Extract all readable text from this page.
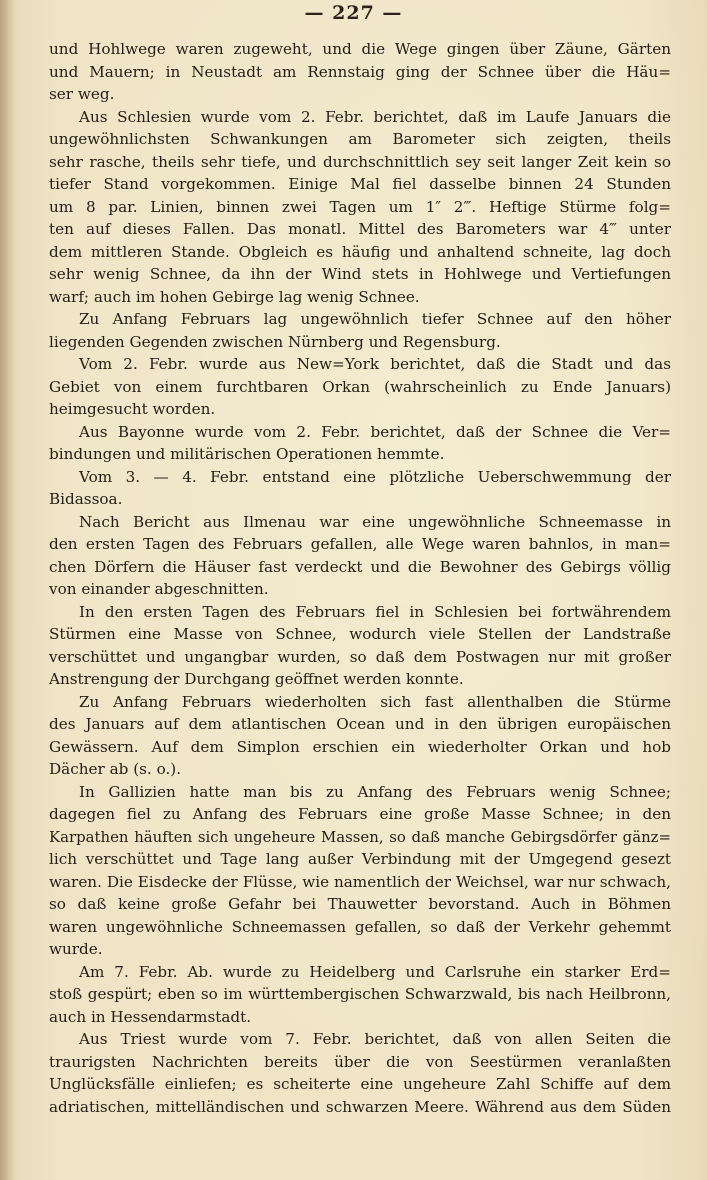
— 227 —
und Hohlwege waren zugeweht, und die Wege gingen über Zäune, Gärten
und Mauern; in Neustadt am Rennstaig ging der Schnee über die Häu=
ser weg.
Aus Schlesien wurde vom 2. Febr. berichtet, daß im Laufe Januars die
ungewöhnlichsten Schwankungen am Barometer sich zeigten, theils
sehr rasche, theils sehr tiefe, und durchschnittlich sey seit langer Zeit kein so
tiefer Stand vorgekommen. Einige Mal fiel dasselbe binnen 24 Stunden
um 8 par. Linien, binnen zwei Tagen um 1″ 2‴. Heftige Stürme folg=
ten auf dieses Fallen. Das monatl. Mittel des Barometers war 4‴ unter
dem mittleren Stande. Obgleich es häufig und anhaltend schneite, lag doch
sehr wenig Schnee, da ihn der Wind stets in Hohlwege und Vertiefungen
warf; auch im hohen Gebirge lag wenig Schnee.
Zu Anfang Februars lag ungewöhnlich tiefer Schnee auf den höher
liegenden Gegenden zwischen Nürnberg und Regensburg.
Vom 2. Febr. wurde aus New=York berichtet, daß die Stadt und das
Gebiet von einem furchtbaren Orkan (wahrscheinlich zu Ende Januars)
heimgesucht worden.
Aus Bayonne wurde vom 2. Febr. berichtet, daß der Schnee die Ver=
bindungen und militärischen Operationen hemmte.
Vom 3. — 4. Febr. entstand eine plötzliche Ueberschwemmung der
Bidassoa.
Nach Bericht aus Ilmenau war eine ungewöhnliche Schneemasse in
den ersten Tagen des Februars gefallen, alle Wege waren bahnlos, in man=
chen Dörfern die Häuser fast verdeckt und die Bewohner des Gebirgs völlig
von einander abgeschnitten.
In den ersten Tagen des Februars fiel in Schlesien bei fortwährendem
Stürmen eine Masse von Schnee, wodurch viele Stellen der Landstraße
verschüttet und ungangbar wurden, so daß dem Postwagen nur mit großer
Anstrengung der Durchgang geöffnet werden konnte.
Zu Anfang Februars wiederholten sich fast allenthalben die Stürme
des Januars auf dem atlantischen Ocean und in den übrigen europäischen
Gewässern. Auf dem Simplon erschien ein wiederholter Orkan und hob
Dächer ab (s. o.).
In Gallizien hatte man bis zu Anfang des Februars wenig Schnee;
dagegen fiel zu Anfang des Februars eine große Masse Schnee; in den
Karpathen häuften sich ungeheure Massen, so daß manche Gebirgsdörfer gänz=
lich verschüttet und Tage lang außer Verbindung mit der Umgegend gesezt
waren. Die Eisdecke der Flüsse, wie namentlich der Weichsel, war nur schwach,
so daß keine große Gefahr bei Thauwetter bevorstand. Auch in Böhmen
waren ungewöhnliche Schneemassen gefallen, so daß der Verkehr gehemmt
wurde.
Am 7. Febr. Ab. wurde zu Heidelberg und Carlsruhe ein starker Erd=
stoß gespürt; eben so im württembergischen Schwarzwald, bis nach Heilbronn,
auch in Hessendarmstadt.
Aus Triest wurde vom 7. Febr. berichtet, daß von allen Seiten die
traurigsten Nachrichten bereits über die von Seestürmen veranlaßten
Unglücksfälle einliefen; es scheiterte eine ungeheure Zahl Schiffe auf dem
adriatischen, mittelländischen und schwarzen Meere. Während aus dem Süden
